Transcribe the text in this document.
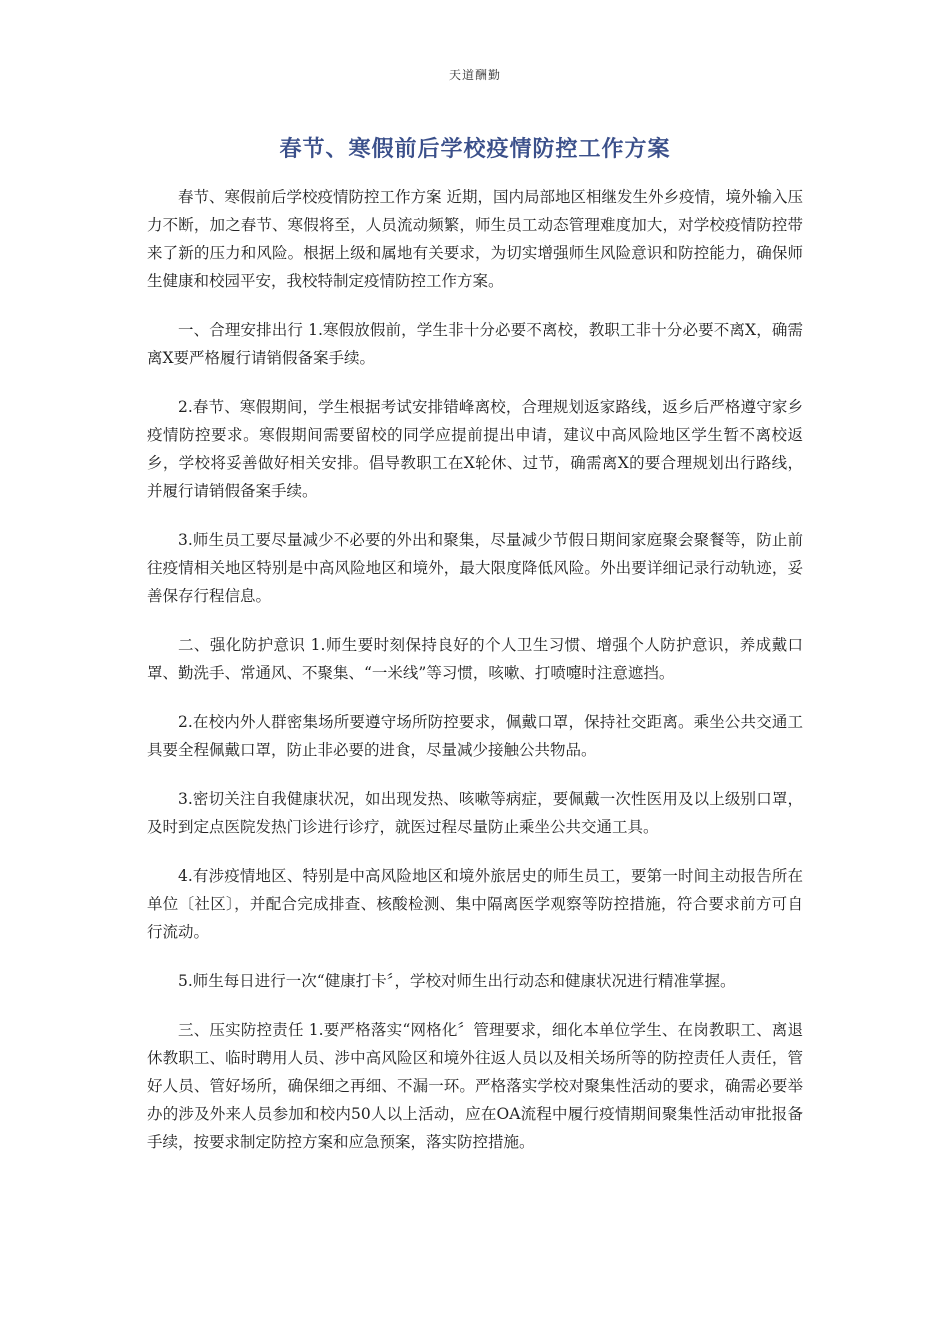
天道酬勤
春节、寒假前后学校疫情防控工作方案

春节、寒假前后学校疫情防控工作方案 近期，国内局部地区相继发生外乡疫情，境外输入压力不断，加之春节、寒假将至，人员流动频繁，师生员工动态管理难度加大，对学校疫情防控带来了新的压力和风险。根据上级和属地有关要求，为切实增强师生风险意识和防控能力，确保师生健康和校园平安，我校特制定疫情防控工作方案。

一、合理安排出行 1.寒假放假前，学生非十分必要不离校，教职工非十分必要不离X，确需离X要严格履行请销假备案手续。

2.春节、寒假期间，学生根据考试安排错峰离校，合理规划返家路线，返乡后严格遵守家乡疫情防控要求。寒假期间需要留校的同学应提前提出申请，建议中高风险地区学生暂不离校返乡，学校将妥善做好相关安排。倡导教职工在X轮休、过节，确需离X的要合理规划出行路线，并履行请销假备案手续。

3.师生员工要尽量减少不必要的外出和聚集，尽量减少节假日期间家庭聚会聚餐等，防止前往疫情相关地区特别是中高风险地区和境外，最大限度降低风险。外出要详细记录行动轨迹，妥善保存行程信息。

二、强化防护意识 1.师生要时刻保持良好的个人卫生习惯、增强个人防护意识，养成戴口罩、勤洗手、常通风、不聚集、“一米线”等习惯，咳嗽、打喷嚏时注意遮挡。

2.在校内外人群密集场所要遵守场所防控要求，佩戴口罩，保持社交距离。乘坐公共交通工具要全程佩戴口罩，防止非必要的进食，尽量减少接触公共物品。

3.密切关注自我健康状况，如出现发热、咳嗽等病症，要佩戴一次性医用及以上级别口罩，及时到定点医院发热门诊进行诊疗，就医过程尽量防止乘坐公共交通工具。

4.有涉疫情地区、特别是中高风险地区和境外旅居史的师生员工，要第一时间主动报告所在单位〔社区〕，并配合完成排查、核酸检测、集中隔离医学观察等防控措施，符合要求前方可自行流动。

5.师生每日进行一次“健康打卡〞，学校对师生出行动态和健康状况进行精准掌握。

三、压实防控责任 1.要严格落实“网格化〞管理要求，细化本单位学生、在岗教职工、离退休教职工、临时聘用人员、涉中高风险区和境外往返人员以及相关场所等的防控责任人责任，管好人员、管好场所，确保细之再细、不漏一环。严格落实学校对聚集性活动的要求，确需必要举办的涉及外来人员参加和校内50人以上活动，应在OA流程中履行疫情期间聚集性活动审批报备手续，按要求制定防控方案和应急预案，落实防控措施。
